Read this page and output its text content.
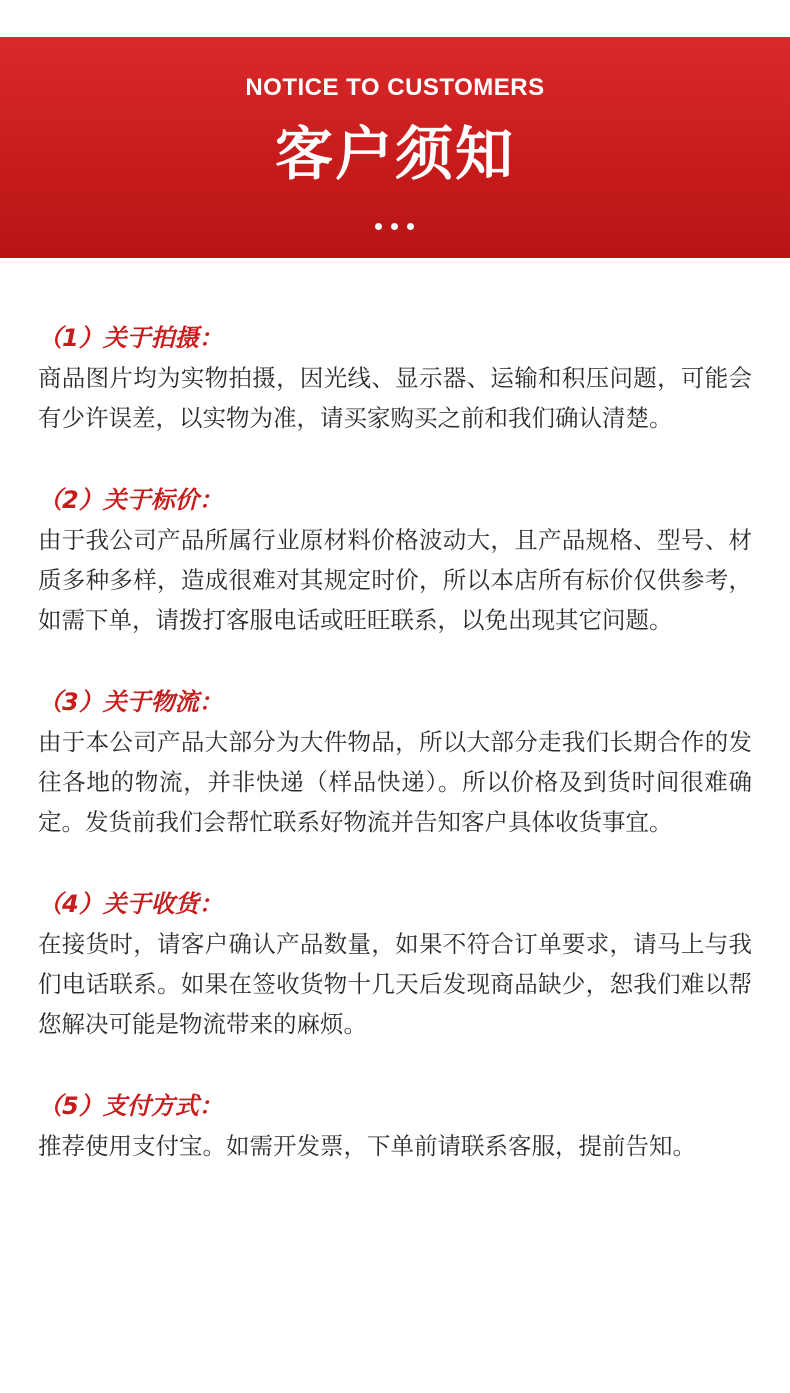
NOTICE TO CUSTOMERS
客户须知
（1）关于拍摄：

商品图片均为实物拍摄，因光线、显示器、运输和积压问题，可能会有少许误差，以实物为准，请买家购买之前和我们确认清楚。

（2）关于标价：

由于我公司产品所属行业原材料价格波动大，且产品规格、型号、材质多种多样，造成很难对其规定时价，所以本店所有标价仅供参考，如需下单，请拨打客服电话或旺旺联系，以免出现其它问题。

（3）关于物流：

由于本公司产品大部分为大件物品，所以大部分走我们长期合作的发往各地的物流，并非快递（样品快递）。所以价格及到货时间很难确定。发货前我们会帮忙联系好物流并告知客户具体收货事宜。

（4）关于收货：

在接货时，请客户确认产品数量，如果不符合订单要求，请马上与我们电话联系。如果在签收货物十几天后发现商品缺少，恕我们难以帮您解决可能是物流带来的麻烦。

（5）支付方式：

推荐使用支付宝。如需开发票，下单前请联系客服，提前告知。
